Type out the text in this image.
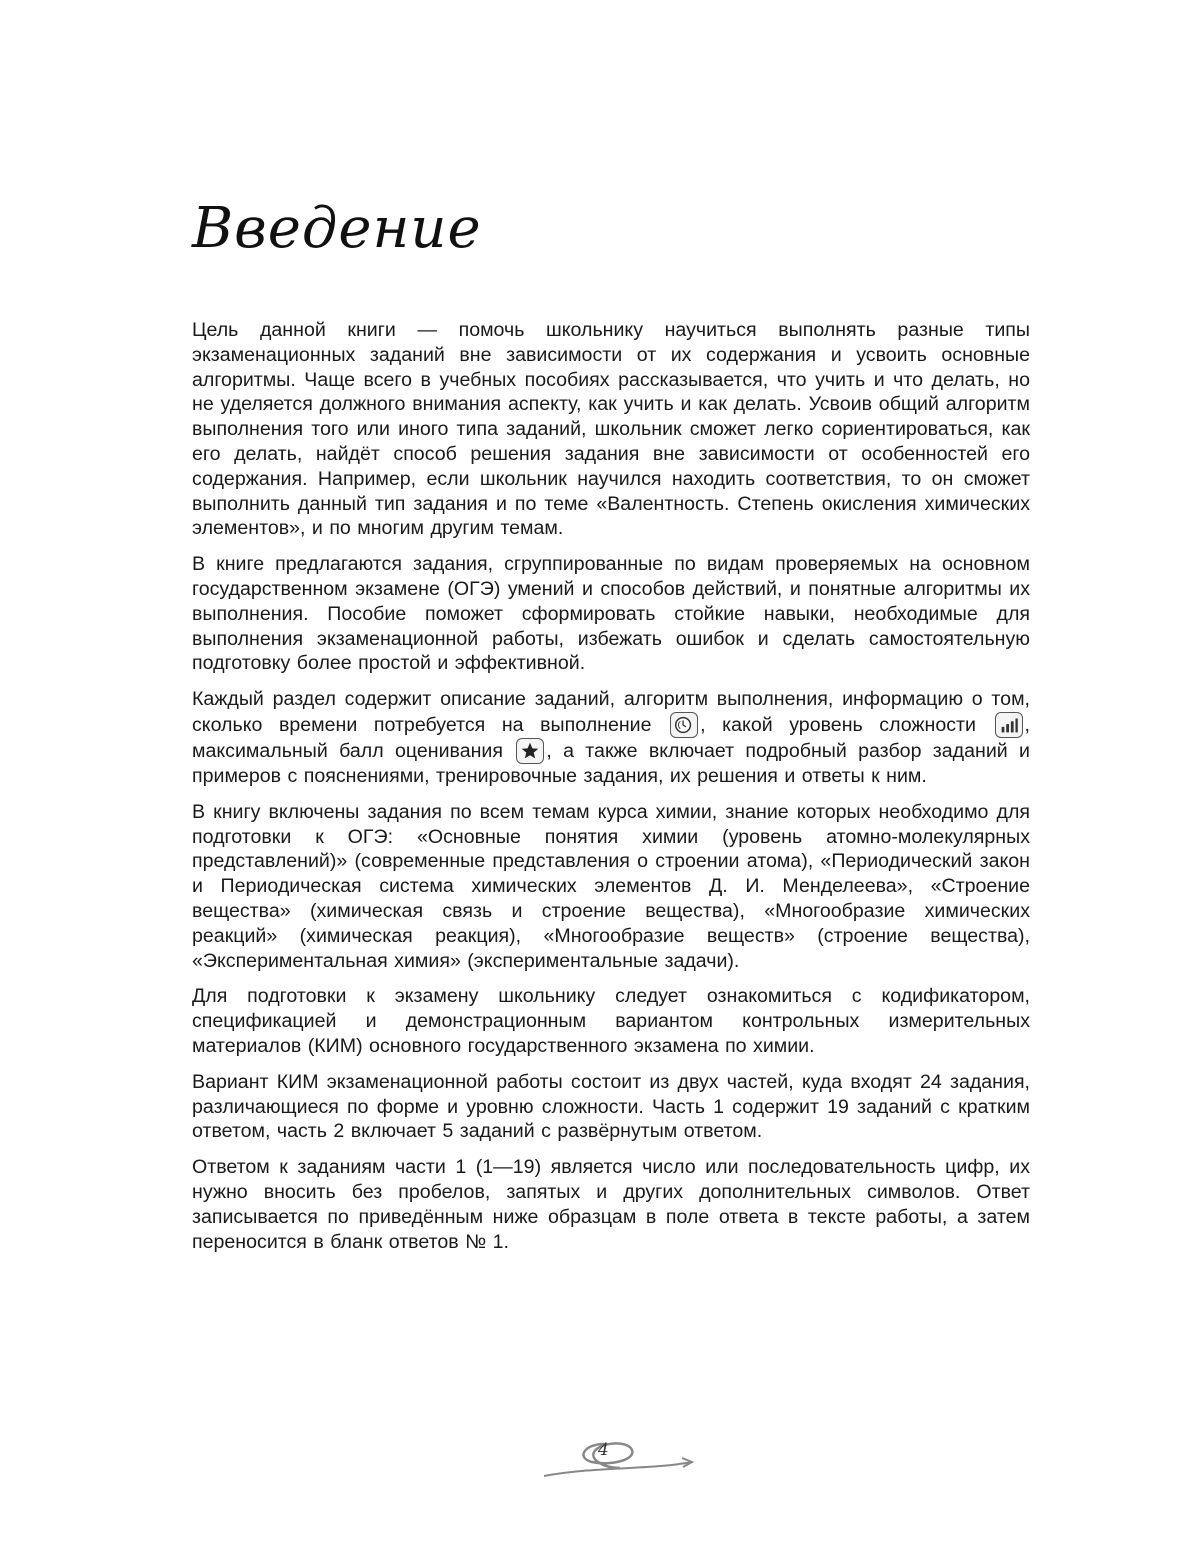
Введение

Цель данной книги — помочь школьнику научиться выполнять разные типы экзаменационных заданий вне зависимости от их содержания и усвоить основные алгоритмы. Чаще всего в учебных пособиях рассказывается, что учить и что делать, но не уделяется должного внимания аспекту, как учить и как делать. Усвоив общий алгоритм выполнения того или иного типа заданий, школьник сможет легко сориентироваться, как его делать, найдёт способ решения задания вне зависимости от особенностей его содержания. Например, если школьник научился находить соответствия, то он сможет выполнить данный тип задания и по теме «Валентность. Степень окисления химических элементов», и по многим другим темам.

В книге предлагаются задания, сгруппированные по видам проверяемых на основном государственном экзамене (ОГЭ) умений и способов действий, и понятные алгоритмы их выполнения. Пособие поможет сформировать стойкие навыки, необходимые для выполнения экзаменационной работы, избежать ошибок и сделать самостоятельную подготовку более простой и эффективной.

Каждый раздел содержит описание заданий, алгоритм выполнения, информацию о том, сколько времени потребуется на выполнение , какой уровень сложности , максимальный балл оценивания , а также включает подробный разбор заданий и примеров с пояснениями, тренировочные задания, их решения и ответы к ним.

В книгу включены задания по всем темам курса химии, знание которых необходимо для подготовки к ОГЭ: «Основные понятия химии (уровень атомно-молекулярных представлений)» (современные представления о строении атома), «Периодический закон и Периодическая система химических элементов Д. И. Менделеева», «Строение вещества» (химическая связь и строение вещества), «Многообразие химических реакций» (химическая реакция), «Многообразие веществ» (строение вещества), «Экспериментальная химия» (экспериментальные задачи).

Для подготовки к экзамену школьнику следует ознакомиться с кодификатором, спецификацией и демонстрационным вариантом контрольных измерительных материалов (КИМ) основного государственного экзамена по химии.

Вариант КИМ экзаменационной работы состоит из двух частей, куда входят 24 задания, различающиеся по форме и уровню сложности. Часть 1 содержит 19 заданий с кратким ответом, часть 2 включает 5 заданий с развёрнутым ответом.

Ответом к заданиям части 1 (1—19) является число или последовательность цифр, их нужно вносить без пробелов, запятых и других дополнительных символов. Ответ записывается по приведённым ниже образцам в поле ответа в тексте работы, а затем переносится в бланк ответов № 1.

4
